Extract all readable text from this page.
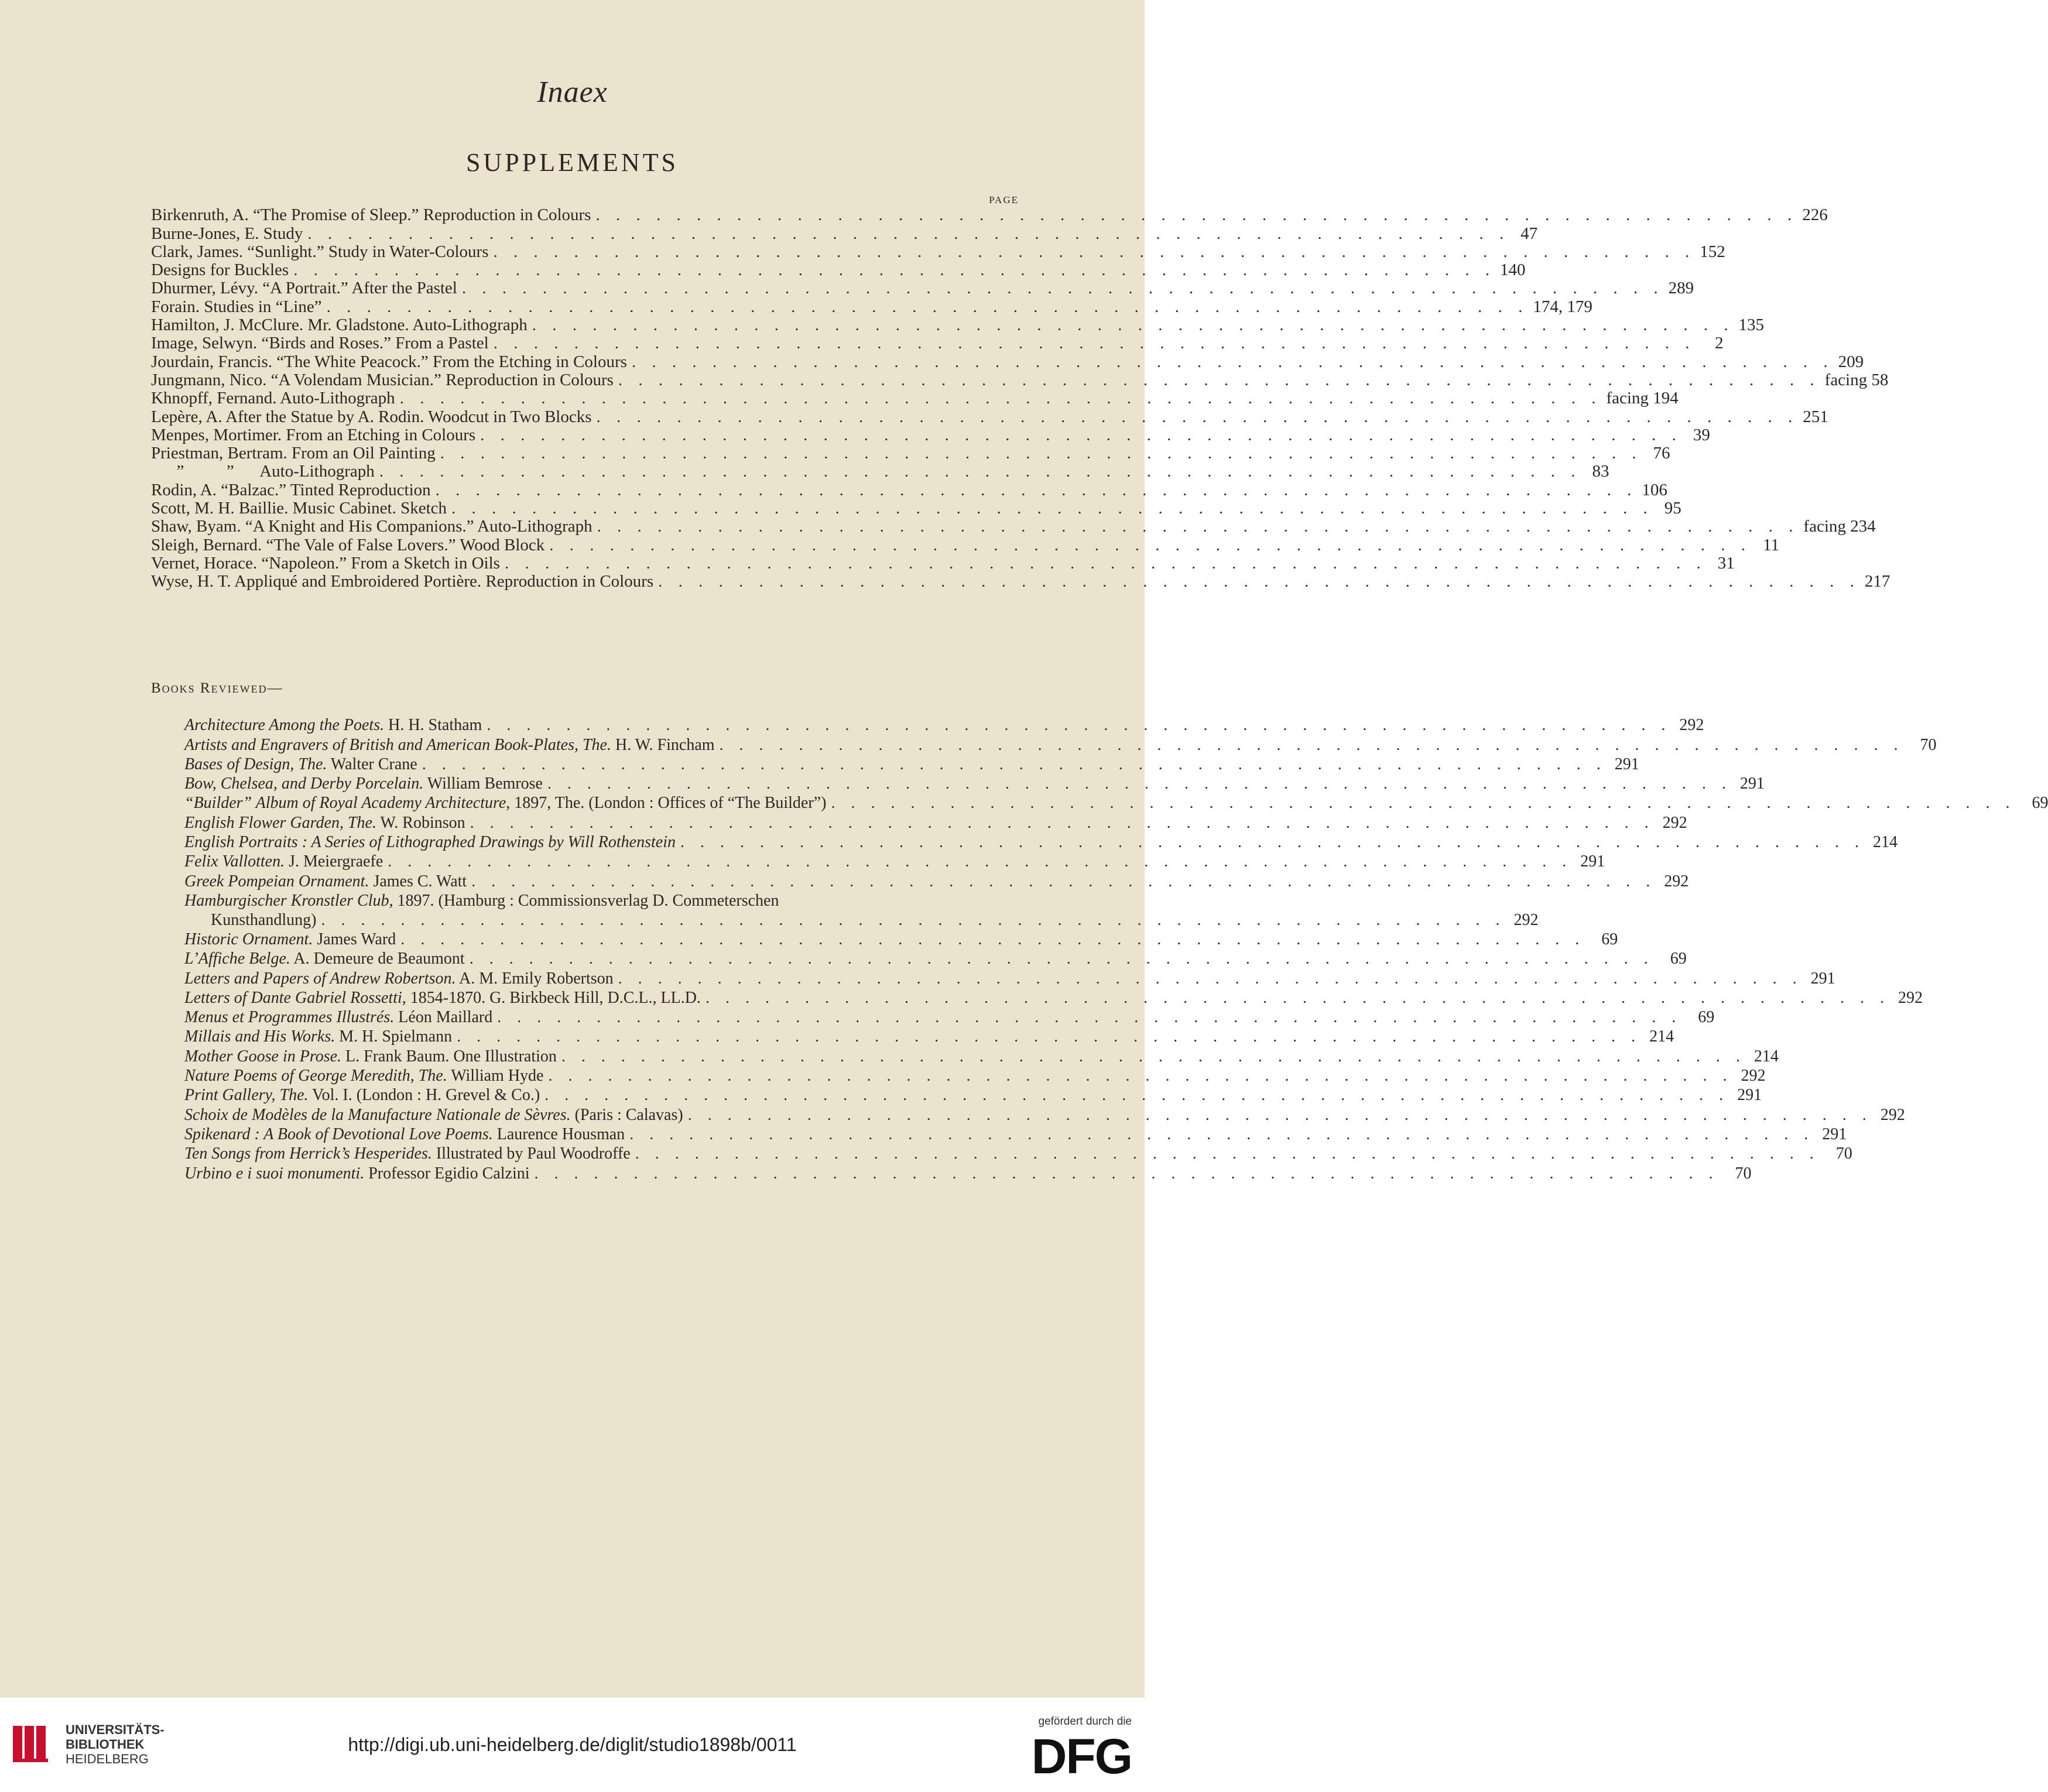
Inaex
SUPPLEMENTS
PAGE
Birkenruth, A. “The Promise of Sleep.” Reproduction in Colours . . . . . . . . . . . . . . . . . . . . . . . . . . . . . . . . . . . . . . . . . . . . . . . . . . . . . . . . . . . . 226
Burne-Jones, E. Study . . . . . . . . . . . . . . . . . . . . . . . . . . . . . . . . . . . . . . . . . . . . . . . . . . . . . . . . . . . . 47
Clark, James. “Sunlight.” Study in Water-Colours . . . . . . . . . . . . . . . . . . . . . . . . . . . . . . . . . . . . . . . . . . . . . . . . . . . . . . . . . . . . 152
Designs for Buckles . . . . . . . . . . . . . . . . . . . . . . . . . . . . . . . . . . . . . . . . . . . . . . . . . . . . . . . . . . . . 140
Dhurmer, Lévy. “A Portrait.” After the Pastel . . . . . . . . . . . . . . . . . . . . . . . . . . . . . . . . . . . . . . . . . . . . . . . . . . . . . . . . . . . . 289
Forain. Studies in “Line” . . . . . . . . . . . . . . . . . . . . . . . . . . . . . . . . . . . . . . . . . . . . . . . . . . . . . . . . . . . . 174, 179
Hamilton, J. McClure. Mr. Gladstone. Auto-Lithograph . . . . . . . . . . . . . . . . . . . . . . . . . . . . . . . . . . . . . . . . . . . . . . . . . . . . . . . . . . . . 135
Image, Selwyn. “Birds and Roses.” From a Pastel . . . . . . . . . . . . . . . . . . . . . . . . . . . . . . . . . . . . . . . . . . . . . . . . . . . . . . . . . . . .	2
Jourdain, Francis. “The White Peacock.” From the Etching in Colours . . . . . . . . . . . . . . . . . . . . . . . . . . . . . . . . . . . . . . . . . . . . . . . . . . . . . . . . . . . . 209
Jungmann, Nico. “A Volendam Musician.” Reproduction in Colours . . . . . . . . . . . . . . . . . . . . . . . . . . . . . . . . . . . . . . . . . . . . . . . . . . . . . . . . . . . . facing 58
Khnopff, Fernand. Auto-Lithograph . . . . . . . . . . . . . . . . . . . . . . . . . . . . . . . . . . . . . . . . . . . . . . . . . . . . . . . . . . . . facing 194
Lepère, A. After the Statue by A. Rodin. Woodcut in Two Blocks . . . . . . . . . . . . . . . . . . . . . . . . . . . . . . . . . . . . . . . . . . . . . . . . . . . . . . . . . . . . 251
Menpes, Mortimer. From an Etching in Colours . . . . . . . . . . . . . . . . . . . . . . . . . . . . . . . . . . . . . . . . . . . . . . . . . . . . . . . . . . . . 39
Priestman, Bertram. From an Oil Painting . . . . . . . . . . . . . . . . . . . . . . . . . . . . . . . . . . . . . . . . . . . . . . . . . . . . . . . . . . . . 76
”          ”      Auto-Lithograph . . . . . . . . . . . . . . . . . . . . . . . . . . . . . . . . . . . . . . . . . . . . . . . . . . . . . . . . . . . . 83
Rodin, A. “Balzac.” Tinted Reproduction . . . . . . . . . . . . . . . . . . . . . . . . . . . . . . . . . . . . . . . . . . . . . . . . . . . . . . . . . . . . 106
Scott, M. H. Baillie. Music Cabinet. Sketch . . . . . . . . . . . . . . . . . . . . . . . . . . . . . . . . . . . . . . . . . . . . . . . . . . . . . . . . . . . . 95
Shaw, Byam. “A Knight and His Companions.” Auto-Lithograph . . . . . . . . . . . . . . . . . . . . . . . . . . . . . . . . . . . . . . . . . . . . . . . . . . . . . . . . . . . . facing 234
Sleigh, Bernard. “The Vale of False Lovers.” Wood Block . . . . . . . . . . . . . . . . . . . . . . . . . . . . . . . . . . . . . . . . . . . . . . . . . . . . . . . . . . . . 11
Vernet, Horace. “Napoleon.” From a Sketch in Oils . . . . . . . . . . . . . . . . . . . . . . . . . . . . . . . . . . . . . . . . . . . . . . . . . . . . . . . . . . . . 31
Wyse, H. T. Appliqué and Embroidered Portière. Reproduction in Colours . . . . . . . . . . . . . . . . . . . . . . . . . . . . . . . . . . . . . . . . . . . . . . . . . . . . . . . . . . . . 217
Books Reviewed—
Architecture Among the Poets. H. H. Statham . . . . . . . . . . . . . . . . . . . . . . . . . . . . . . . . . . . . . . . . . . . . . . . . . . . . . . . . . . . . 292
Artists and Engravers of British and American Book-Plates, The. H. W. Fincham . . . . . . . . . . . . . . . . . . . . . . . . . . . . . . . . . . . . . . . . . . . . . . . . . . . . . . . . . . . .	70
Bases of Design, The. Walter Crane . . . . . . . . . . . . . . . . . . . . . . . . . . . . . . . . . . . . . . . . . . . . . . . . . . . . . . . . . . . . 291
Bow, Chelsea, and Derby Porcelain. William Bemrose . . . . . . . . . . . . . . . . . . . . . . . . . . . . . . . . . . . . . . . . . . . . . . . . . . . . . . . . . . . . 291
“Builder” Album of Royal Academy Architecture, 1897, The. (London : Offices of “The Builder”) . . . . . . . . . . . . . . . . . . . . . . . . . . . . . . . . . . . . . . . . . . . . . . . . . . . . . . . . . . . .	69
English Flower Garden, The. W. Robinson . . . . . . . . . . . . . . . . . . . . . . . . . . . . . . . . . . . . . . . . . . . . . . . . . . . . . . . . . . . . 292
English Portraits : A Series of Lithographed Drawings by Will Rothenstein . . . . . . . . . . . . . . . . . . . . . . . . . . . . . . . . . . . . . . . . . . . . . . . . . . . . . . . . . . . . 214
Felix Vallotten. J. Meiergraefe . . . . . . . . . . . . . . . . . . . . . . . . . . . . . . . . . . . . . . . . . . . . . . . . . . . . . . . . . . . . 291
Greek Pompeian Ornament. James C. Watt . . . . . . . . . . . . . . . . . . . . . . . . . . . . . . . . . . . . . . . . . . . . . . . . . . . . . . . . . . . . 292
Hamburgischer Kronstler Club, 1897. (Hamburg : Commissionsverlag D. Commeterschen
Kunsthandlung) . . . . . . . . . . . . . . . . . . . . . . . . . . . . . . . . . . . . . . . . . . . . . . . . . . . . . . . . . . . . 292
Historic Ornament. James Ward . . . . . . . . . . . . . . . . . . . . . . . . . . . . . . . . . . . . . . . . . . . . . . . . . . . . . . . . . . . .	69
L’Affiche Belge. A. Demeure de Beaumont . . . . . . . . . . . . . . . . . . . . . . . . . . . . . . . . . . . . . . . . . . . . . . . . . . . . . . . . . . . .	69
Letters and Papers of Andrew Robertson. A. M. Emily Robertson . . . . . . . . . . . . . . . . . . . . . . . . . . . . . . . . . . . . . . . . . . . . . . . . . . . . . . . . . . . . 291
Letters of Dante Gabriel Rossetti, 1854-1870. G. Birkbeck Hill, D.C.L., LL.D. . . . . . . . . . . . . . . . . . . . . . . . . . . . . . . . . . . . . . . . . . . . . . . . . . . . . . . . . . . . . 292
Menus et Programmes Illustrés. Léon Maillard . . . . . . . . . . . . . . . . . . . . . . . . . . . . . . . . . . . . . . . . . . . . . . . . . . . . . . . . . . . .	69
Millais and His Works. M. H. Spielmann . . . . . . . . . . . . . . . . . . . . . . . . . . . . . . . . . . . . . . . . . . . . . . . . . . . . . . . . . . . . 214
Mother Goose in Prose. L. Frank Baum. One Illustration . . . . . . . . . . . . . . . . . . . . . . . . . . . . . . . . . . . . . . . . . . . . . . . . . . . . . . . . . . . . 214
Nature Poems of George Meredith, The. William Hyde . . . . . . . . . . . . . . . . . . . . . . . . . . . . . . . . . . . . . . . . . . . . . . . . . . . . . . . . . . . . 292
Print Gallery, The. Vol. I. (London : H. Grevel & Co.) . . . . . . . . . . . . . . . . . . . . . . . . . . . . . . . . . . . . . . . . . . . . . . . . . . . . . . . . . . . . 291
Schoix de Modèles de la Manufacture Nationale de Sèvres. (Paris : Calavas) . . . . . . . . . . . . . . . . . . . . . . . . . . . . . . . . . . . . . . . . . . . . . . . . . . . . . . . . . . . . 292
Spikenard : A Book of Devotional Love Poems. Laurence Housman . . . . . . . . . . . . . . . . . . . . . . . . . . . . . . . . . . . . . . . . . . . . . . . . . . . . . . . . . . . . 291
Ten Songs from Herrick’s Hesperides. Illustrated by Paul Woodroffe . . . . . . . . . . . . . . . . . . . . . . . . . . . . . . . . . . . . . . . . . . . . . . . . . . . . . . . . . . . .	70
Urbino e i suoi monumenti. Professor Egidio Calzini . . . . . . . . . . . . . . . . . . . . . . . . . . . . . . . . . . . . . . . . . . . . . . . . . . . . . . . . . . . .	70
UNIVERSITÄTS-
BIBLIOTHEK
HEIDELBERG
http://digi.ub.uni-heidelberg.de/diglit/studio1898b/0011
gefördert durch die
DFG
